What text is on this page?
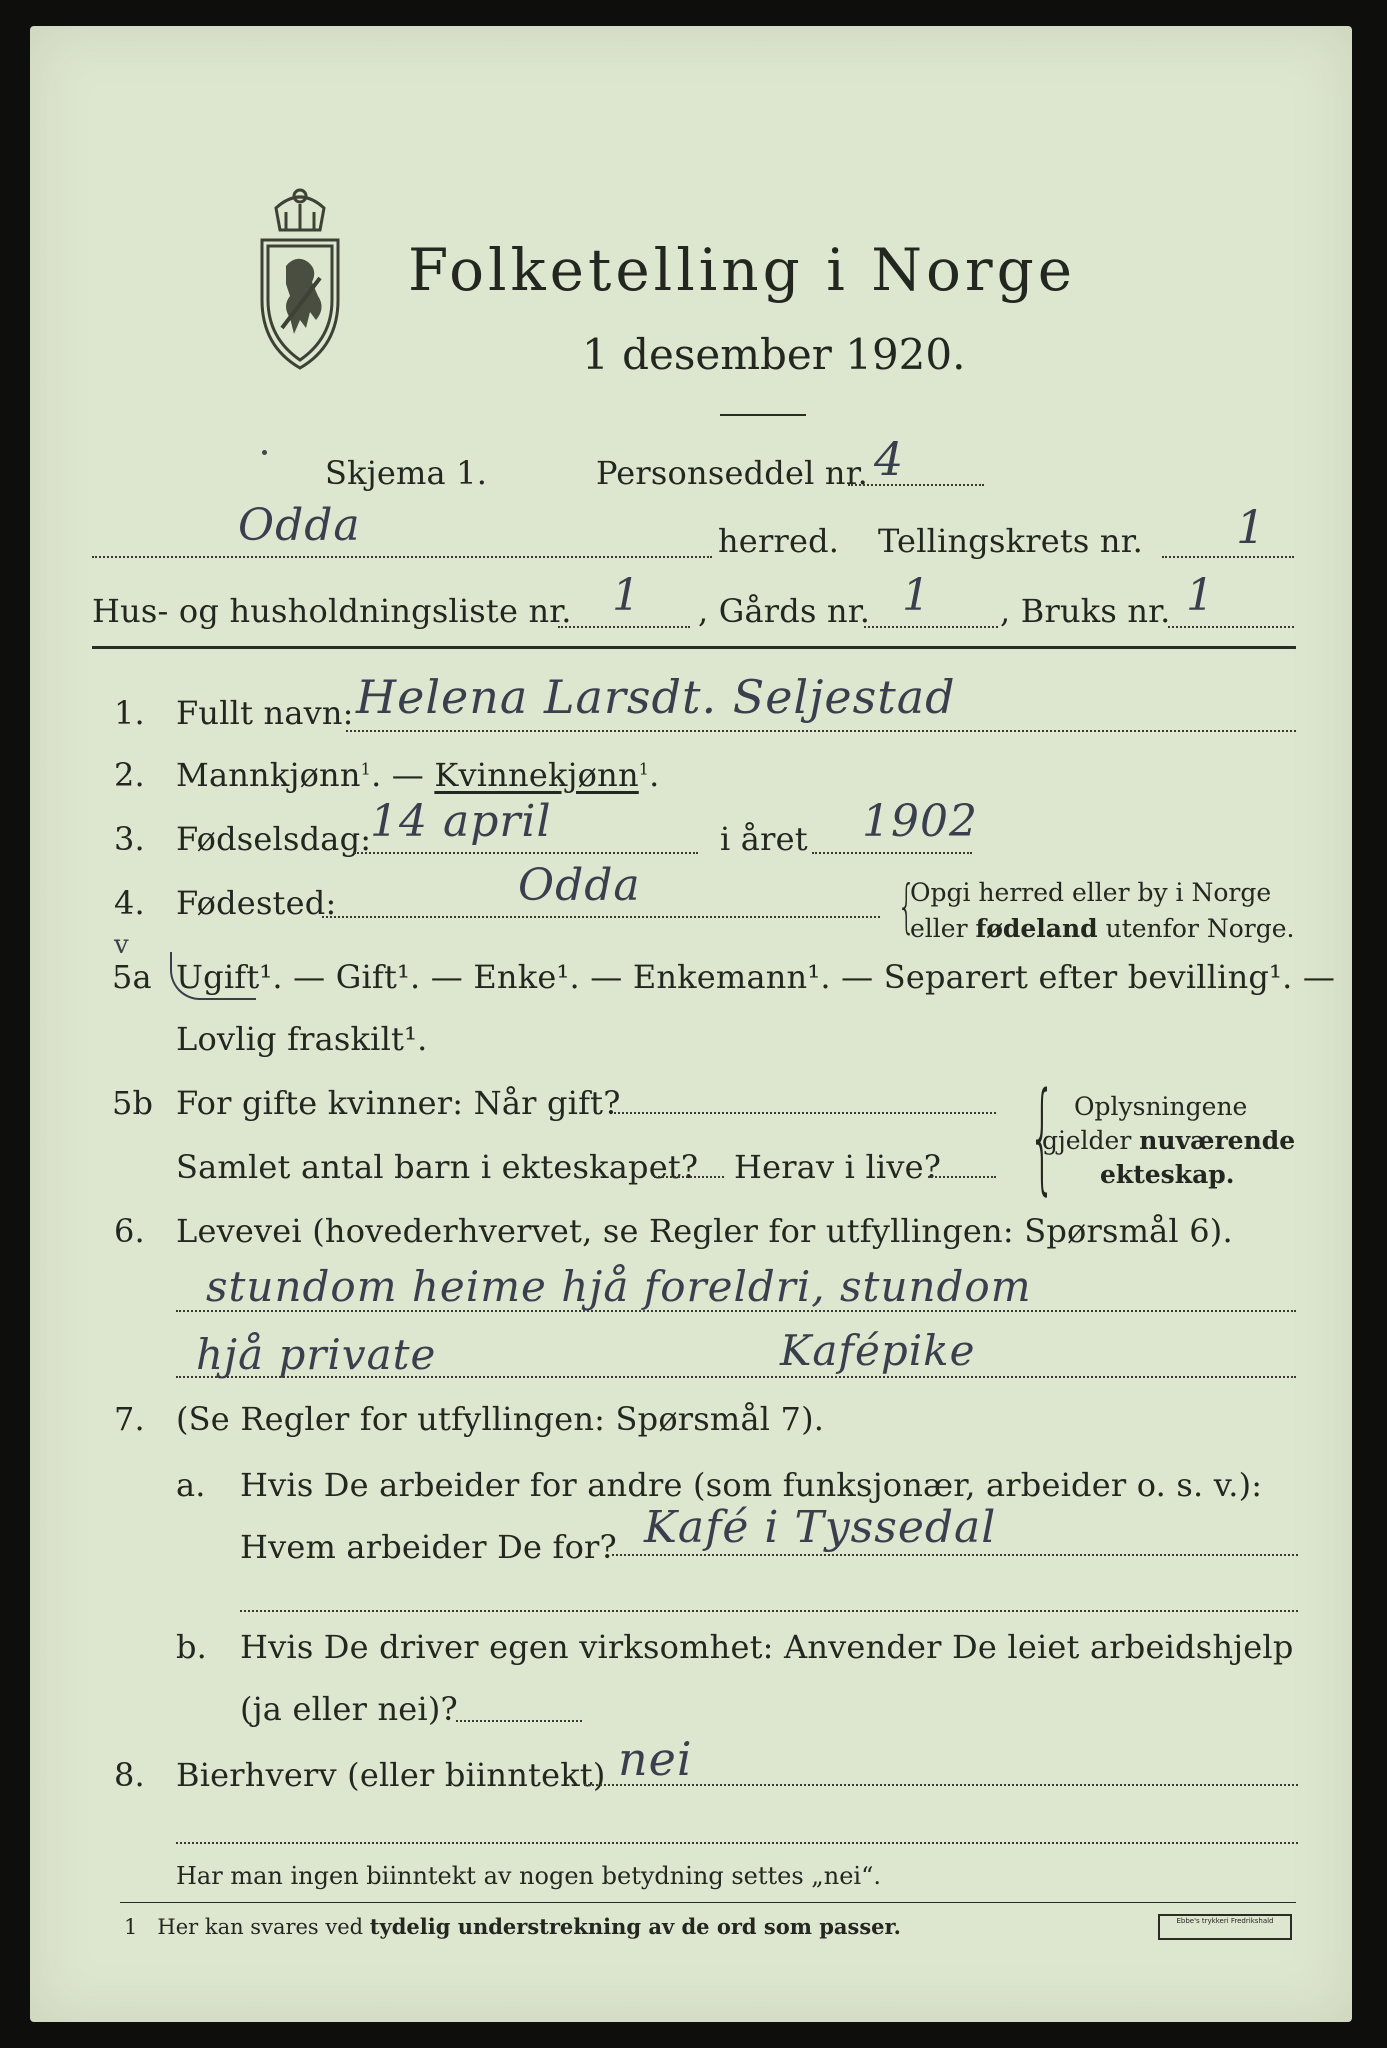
Folketelling i Norge
1 desember 1920.
Skjema 1.	Personseddel nr. 4
Odda	herred. Tellingskrets nr. 1
Hus- og husholdningsliste nr. 1 , Gårds nr. 1 , Bruks nr. 1
1. Fullt navn: Helena Larsdt. Seljestad
2. Mannkjønn$^1$. — Kvinnekjønn$^1$.
3. Fødselsdag:
14 april	i året 1902
4. Fødested:	Odda	{
Opgi herred eller by i Norge
eller fødeland utenfor Norge.
v
5a Ugift¹. — Gift¹. — Enke¹. — Enkemann¹. — Separert efter bevilling¹. —
Lovlig fraskilt¹.
5b For gifte kvinner: Når gift?
Samlet antal barn i ekteskapet? Herav i live? { Oplysningene
gjelder nuværende
ekteskap.
6. Levevei (hovederhvervet, se Regler for utfyllingen: Spørsmål 6).
stundom heime hjå foreldri, stundom
hjå private	Kafépike
7. (Se Regler for utfyllingen: Spørsmål 7).
a. Hvis De arbeider for andre (som funksjonær, arbeider o. s. v.):
Hvem arbeider De for? Kafé i Tyssedal
b. Hvis De driver egen virksomhet: Anvender De leiet arbeidshjelp
(ja eller nei)?
8. Bierhverv (eller biinntekt) nei
Har man ingen biinntekt av nogen betydning settes „nei“.
1 Her kan svares ved tydelig understrekning av de ord som passer.	Ebbe's trykkeri Fredrikshald
